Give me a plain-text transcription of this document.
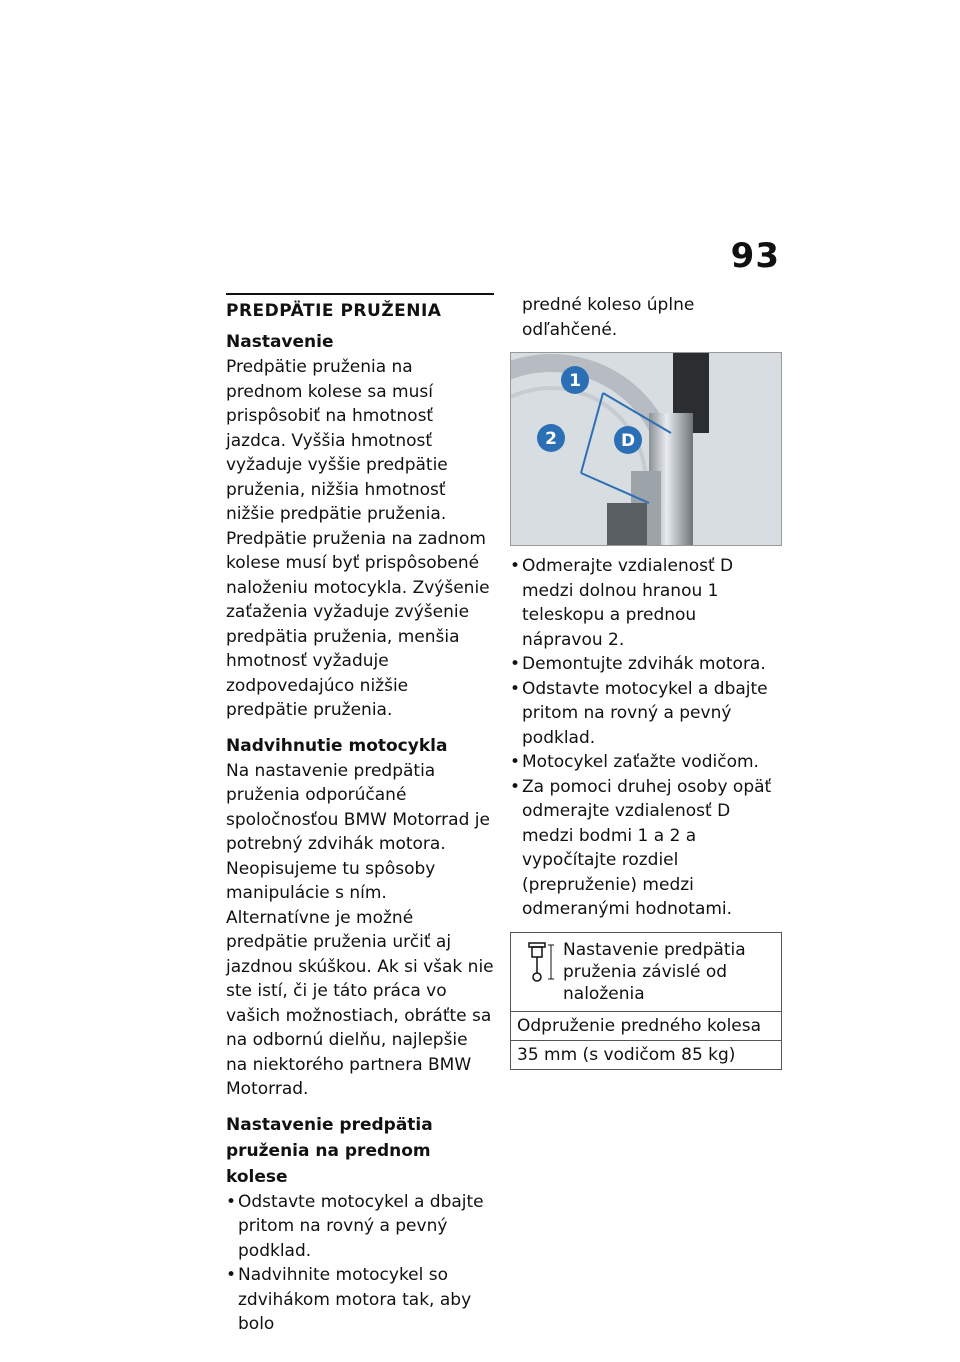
93
PREDPÄTIE PRUŽENIA
Nastavenie

Predpätie pruženia na prednom kolese sa musí prispôsobiť na hmotnosť jazdca. Vyššia hmotnosť vyžaduje vyššie predpätie pruženia, nižšia hmotnosť nižšie predpätie pruženia.

Predpätie pruženia na zadnom kolese musí byť prispôsobené naloženiu motocykla. Zvýšenie zaťaženia vyžaduje zvýšenie predpätia pruženia, menšia hmotnosť vyžaduje zodpovedajúco nižšie predpätie pruženia.

Nadvihnutie motocykla

Na nastavenie predpätia pruženia odporúčané spoločnosťou BMW Motorrad je potrebný zdvihák motora. Neopisujeme tu spôsoby manipulácie s ním.

Alternatívne je možné predpätie pruženia určiť aj jazdnou skúškou. Ak si však nie ste istí, či je táto práca vo vašich možnostiach, obráťte sa na odbornú dielňu, najlepšie na niektorého partnera BMW Motorrad.

Nastavenie predpätia pruženia na prednom kolese
• Odstavte motocykel a dbajte pritom na rovný a pevný podklad.
• Nadvihnite motocykel so zdvihákom motora tak, aby bolo

predné koleso úplne odľahčené.

1
2	D
• Odmerajte vzdialenosť D medzi dolnou hranou 1 teleskopu a prednou nápravou 2.
• Demontujte zdvihák motora.
• Odstavte motocykel a dbajte pritom na rovný a pevný podklad.
• Motocykel zaťažte vodičom.
• Za pomoci druhej osoby opäť odmerajte vzdialenosť D medzi bodmi 1 a 2 a vypočítajte rozdiel (prepruženie) medzi odmeranými hodnotami.
Nastavenie predpätia pruženia závislé od naloženia
Odpruženie predného kolesa
35 mm (s vodičom 85 kg)
